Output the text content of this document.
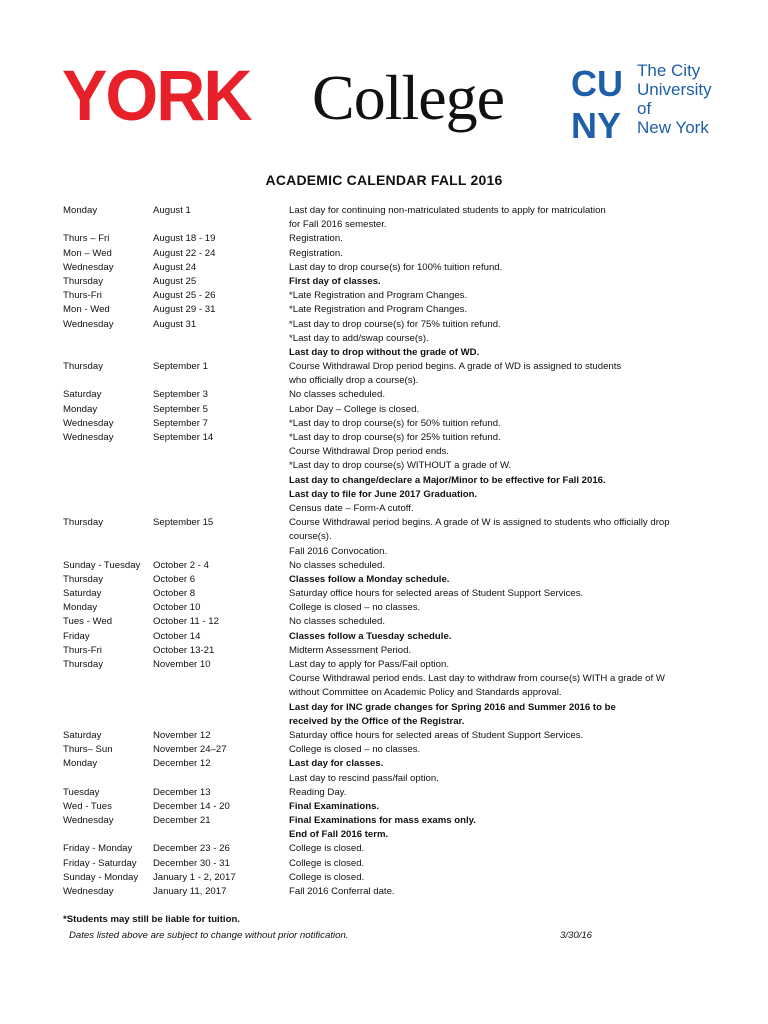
YORK College CU
NY
The City
University
of
New York
ACADEMIC CALENDAR FALL 2016
Monday	August 1	Last day for continuing non-matriculated students to apply for matriculation
for Fall 2016 semester.
Thurs – Fri	August 18 - 19	Registration.
Mon – Wed	August 22 - 24	Registration.
Wednesday	August 24	Last day to drop course(s) for 100% tuition refund.
Thursday	August 25	First day of classes.
Thurs-Fri	August 25 - 26	*Late Registration and Program Changes.
Mon - Wed	August 29 - 31	*Late Registration and Program Changes.
Wednesday	August 31	*Last day to drop course(s) for 75% tuition refund.
*Last day to add/swap course(s).
Last day to drop without the grade of WD.
Thursday	September 1	Course Withdrawal Drop period begins. A grade of WD is assigned to students
who officially drop a course(s).
Saturday	September 3	No classes scheduled.
Monday	September 5	Labor Day – College is closed.
Wednesday	September 7	*Last day to drop course(s) for 50% tuition refund.
Wednesday	September 14	*Last day to drop course(s) for 25% tuition refund.
Course Withdrawal Drop period ends.
*Last day to drop course(s) WITHOUT a grade of W.
Last day to change/declare a Major/Minor to be effective for Fall 2016.
Last day to file for June 2017 Graduation.
Census date – Form-A cutoff.
Thursday	September 15	Course Withdrawal period begins. A grade of W is assigned to students who officially drop
course(s).
Fall 2016 Convocation.
Sunday - Tuesday October 2 - 4	No classes scheduled.
Thursday	October 6	Classes follow a Monday schedule.
Saturday	October 8	Saturday office hours for selected areas of Student Support Services.
Monday	October 10	College is closed – no classes.
Tues - Wed	October 11 - 12	No classes scheduled.
Friday	October 14	Classes follow a Tuesday schedule.
Thurs-Fri	October 13-21	Midterm Assessment Period.
Thursday	November 10	Last day to apply for Pass/Fail option.
Course Withdrawal period ends. Last day to withdraw from course(s) WITH a grade of W
without Committee on Academic Policy and Standards approval.
Last day for INC grade changes for Spring 2016 and Summer 2016 to be
received by the Office of the Registrar.
Saturday	November 12	Saturday office hours for selected areas of Student Support Services.
Thurs– Sun	November 24–27	College is closed – no classes.
Monday	December 12	Last day for classes.
Last day to rescind pass/fail option.
Tuesday	December 13	Reading Day.
Wed - Tues	December 14 - 20	Final Examinations.
Wednesday	December 21	Final Examinations for mass exams only.
End of Fall 2016 term.
Friday - Monday December 23 - 26	College is closed.
Friday - Saturday December 30 - 31	College is closed.
Sunday - Monday January 1 - 2, 2017	College is closed.
Wednesday	January 11, 2017	Fall 2016 Conferral date.
*Students may still be liable for tuition.
Dates listed above are subject to change without prior notification.	3/30/16
